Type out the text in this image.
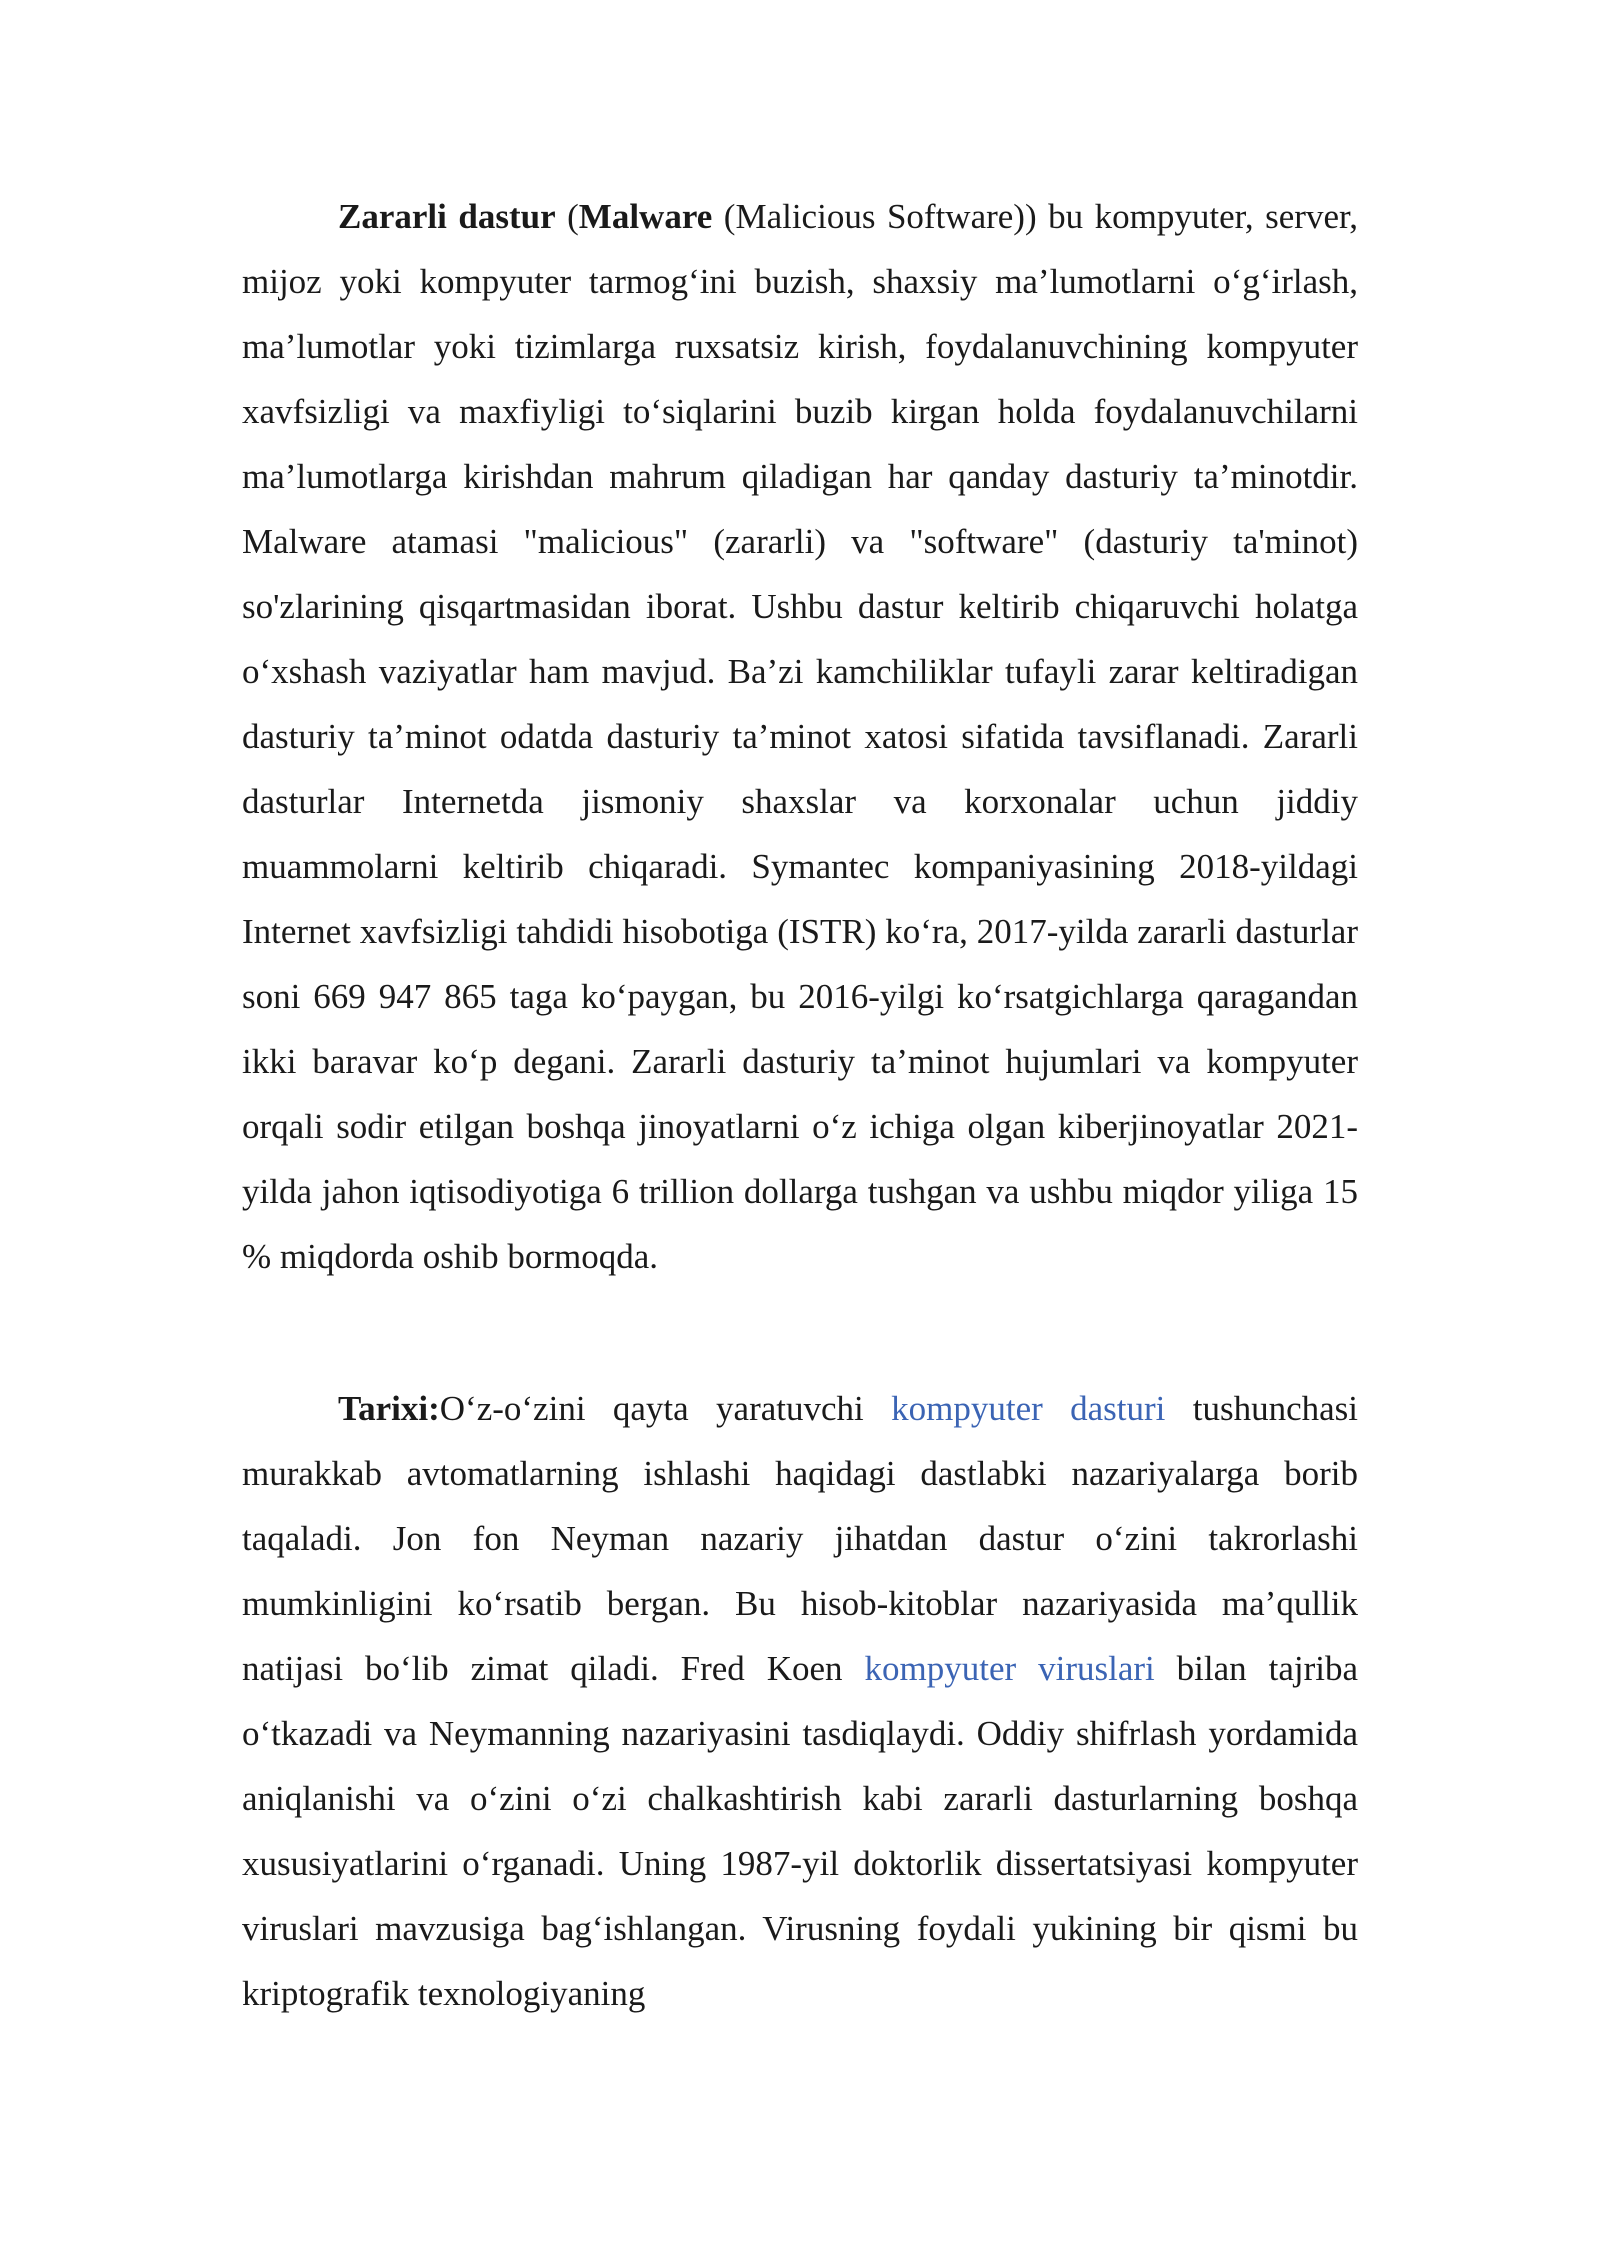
Zararli dastur (Malware (Malicious Software)) bu kompyuter, server, mijoz yoki kompyuter tarmog‘ini buzish, shaxsiy ma’lumotlarni o‘g‘irlash, ma’lumotlar yoki tizimlarga ruxsatsiz kirish, foydalanuvchining kompyuter xavfsizligi va maxfiyligi to‘siqlarini buzib kirgan holda foydalanuvchilarni ma’lumotlarga kirishdan mahrum qiladigan har qanday dasturiy ta’minotdir. Malware atamasi "malicious" (zararli) va "software" (dasturiy ta'minot) so'zlarining qisqartmasidan iborat. Ushbu dastur keltirib chiqaruvchi holatga o‘xshash vaziyatlar ham mavjud. Ba’zi kamchiliklar tufayli zarar keltiradigan dasturiy ta’minot odatda dasturiy ta’minot xatosi sifatida tavsiflanadi. Zararli dasturlar Internetda jismoniy shaxslar va korxonalar uchun jiddiy muammolarni keltirib chiqaradi. Symantec kompaniyasining 2018-yildagi Internet xavfsizligi tahdidi hisobotiga (ISTR) ko‘ra, 2017-yilda zararli dasturlar soni 669 947 865 taga ko‘paygan, bu 2016-yilgi ko‘rsatgichlarga qaragandan ikki baravar ko‘p degani. Zararli dasturiy ta’minot hujumlari va kompyuter orqali sodir etilgan boshqa jinoyatlarni o‘z ichiga olgan kiberjinoyatlar 2021-yilda jahon iqtisodiyotiga 6 trillion dollarga tushgan va ushbu miqdor yiliga 15 % miqdorda oshib bormoqda.

Tarixi:O‘z-o‘zini qayta yaratuvchi kompyuter dasturi tushunchasi murakkab avtomatlarning ishlashi haqidagi dastlabki nazariyalarga borib taqaladi. Jon fon Neyman nazariy jihatdan dastur o‘zini takrorlashi mumkinligini ko‘rsatib bergan. Bu hisob-kitoblar nazariyasida ma’qullik natijasi bo‘lib zimat qiladi. Fred Koen kompyuter viruslari bilan tajriba o‘tkazadi va Neymanning nazariyasini tasdiqlaydi. Oddiy shifrlash yordamida aniqlanishi va o‘zini o‘zi chalkashtirish kabi zararli dasturlarning boshqa xususiyatlarini o‘rganadi. Uning 1987-yil doktorlik dissertatsiyasi kompyuter viruslari mavzusiga bag‘ishlangan. Virusning foydali yukining bir qismi bu kriptografik texnologiyaning
